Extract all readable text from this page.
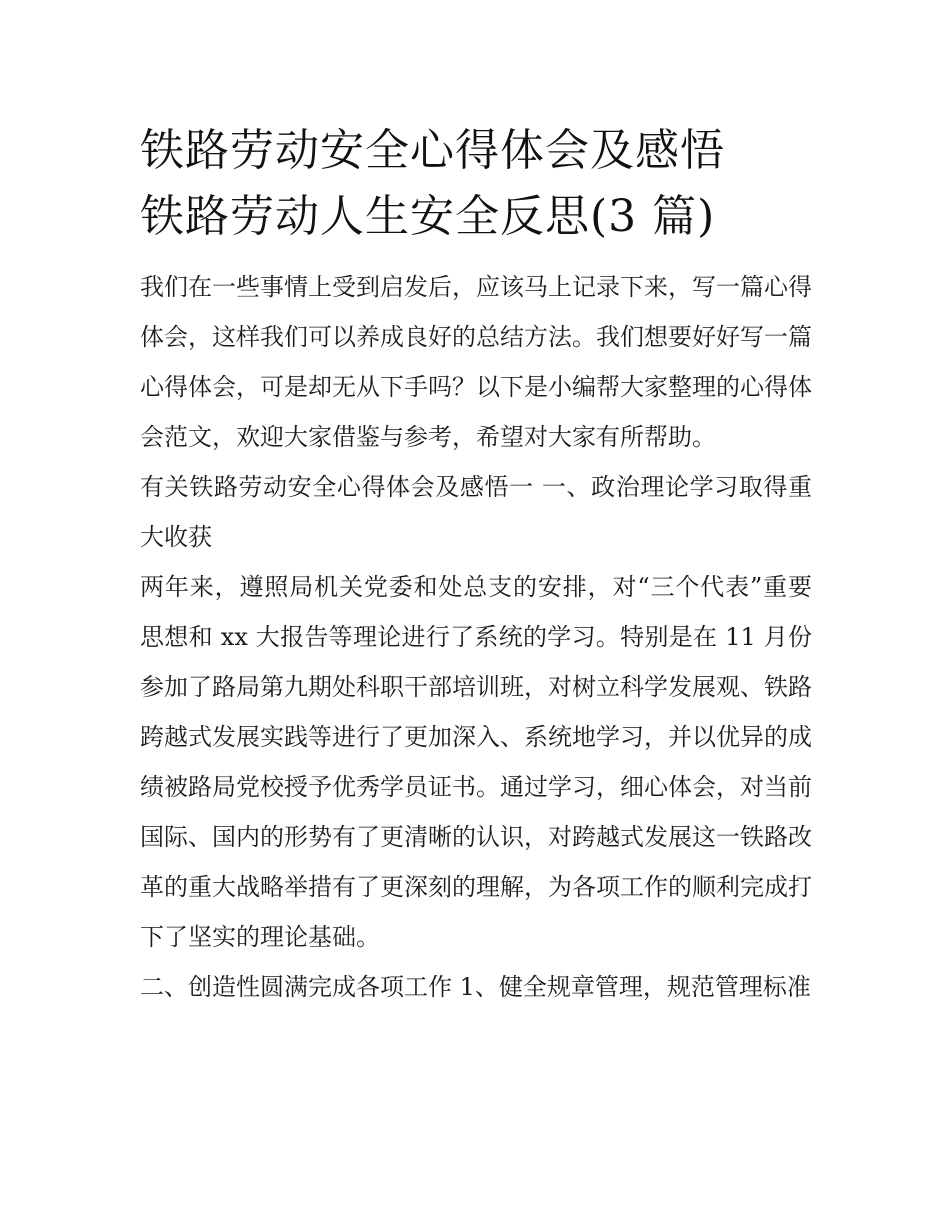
铁路劳动安全心得体会及感悟
铁路劳动人生安全反思(3 篇)

我们在一些事情上受到启发后，应该马上记录下来，写一篇心得体会，这样我们可以养成良好的总结方法。我们想要好好写一篇心得体会，可是却无从下手吗？以下是小编帮大家整理的心得体会范文，欢迎大家借鉴与参考，希望对大家有所帮助。

有关铁路劳动安全心得体会及感悟一 一、政治理论学习取得重大收获

两年来，遵照局机关党委和处总支的安排，对“三个代表”重要思想和 xx 大报告等理论进行了系统的学习。特别是在 11 月份参加了路局第九期处科职干部培训班，对树立科学发展观、铁路跨越式发展实践等进行了更加深入、系统地学习，并以优异的成绩被路局党校授予优秀学员证书。通过学习，细心体会，对当前国际、国内的形势有了更清晰的认识，对跨越式发展这一铁路改革的重大战略举措有了更深刻的理解，为各项工作的顺利完成打下了坚实的理论基础。

二、创造性圆满完成各项工作 1、健全规章管理，规范管理标准
